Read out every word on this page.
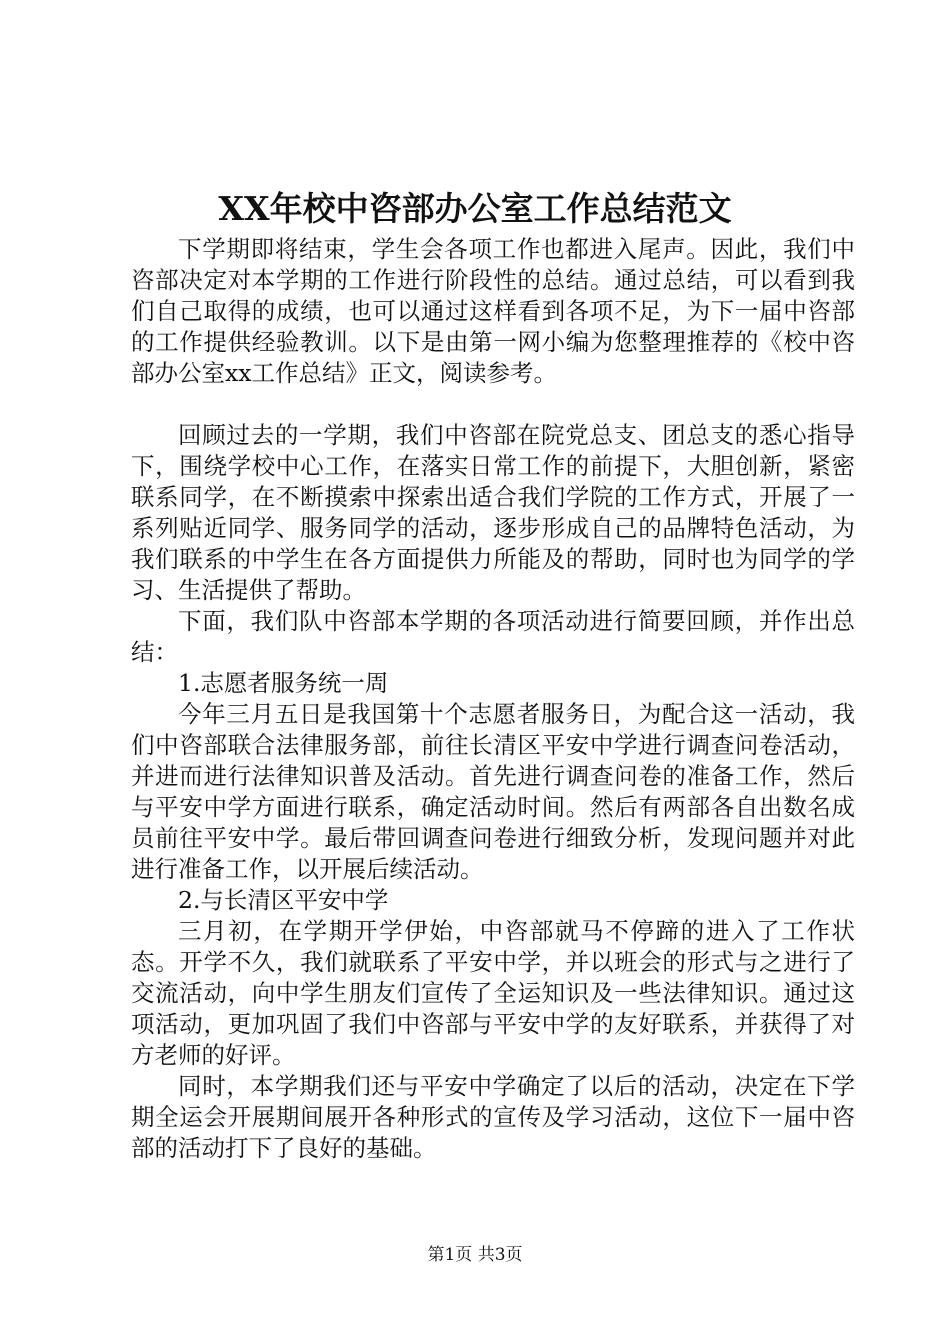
XX年校中咨部办公室工作总结范文

下学期即将结束，学生会各项工作也都进入尾声。因此，我们中咨部决定对本学期的工作进行阶段性的总结。通过总结，可以看到我们自己取得的成绩，也可以通过这样看到各项不足，为下一届中咨部的工作提供经验教训。以下是由第一网小编为您整理推荐的《校中咨部办公室xx工作总结》正文，阅读参考。

回顾过去的一学期，我们中咨部在院党总支、团总支的悉心指导下，围绕学校中心工作，在落实日常工作的前提下，大胆创新，紧密联系同学，在不断摸索中探索出适合我们学院的工作方式，开展了一系列贴近同学、服务同学的活动，逐步形成自己的品牌特色活动，为我们联系的中学生在各方面提供力所能及的帮助，同时也为同学的学习、生活提供了帮助。

下面，我们队中咨部本学期的各项活动进行简要回顾，并作出总结：

1.志愿者服务统一周

今年三月五日是我国第十个志愿者服务日，为配合这一活动，我们中咨部联合法律服务部，前往长清区平安中学进行调查问卷活动，并进而进行法律知识普及活动。首先进行调查问卷的准备工作，然后与平安中学方面进行联系，确定活动时间。然后有两部各自出数名成员前往平安中学。最后带回调查问卷进行细致分析，发现问题并对此进行准备工作，以开展后续活动。

2.与长清区平安中学

三月初，在学期开学伊始，中咨部就马不停蹄的进入了工作状态。开学不久，我们就联系了平安中学，并以班会的形式与之进行了交流活动，向中学生朋友们宣传了全运知识及一些法律知识。通过这项活动，更加巩固了我们中咨部与平安中学的友好联系，并获得了对方老师的好评。

同时，本学期我们还与平安中学确定了以后的活动，决定在下学期全运会开展期间展开各种形式的宣传及学习活动，这位下一届中咨部的活动打下了良好的基础。

第1页 共3页
